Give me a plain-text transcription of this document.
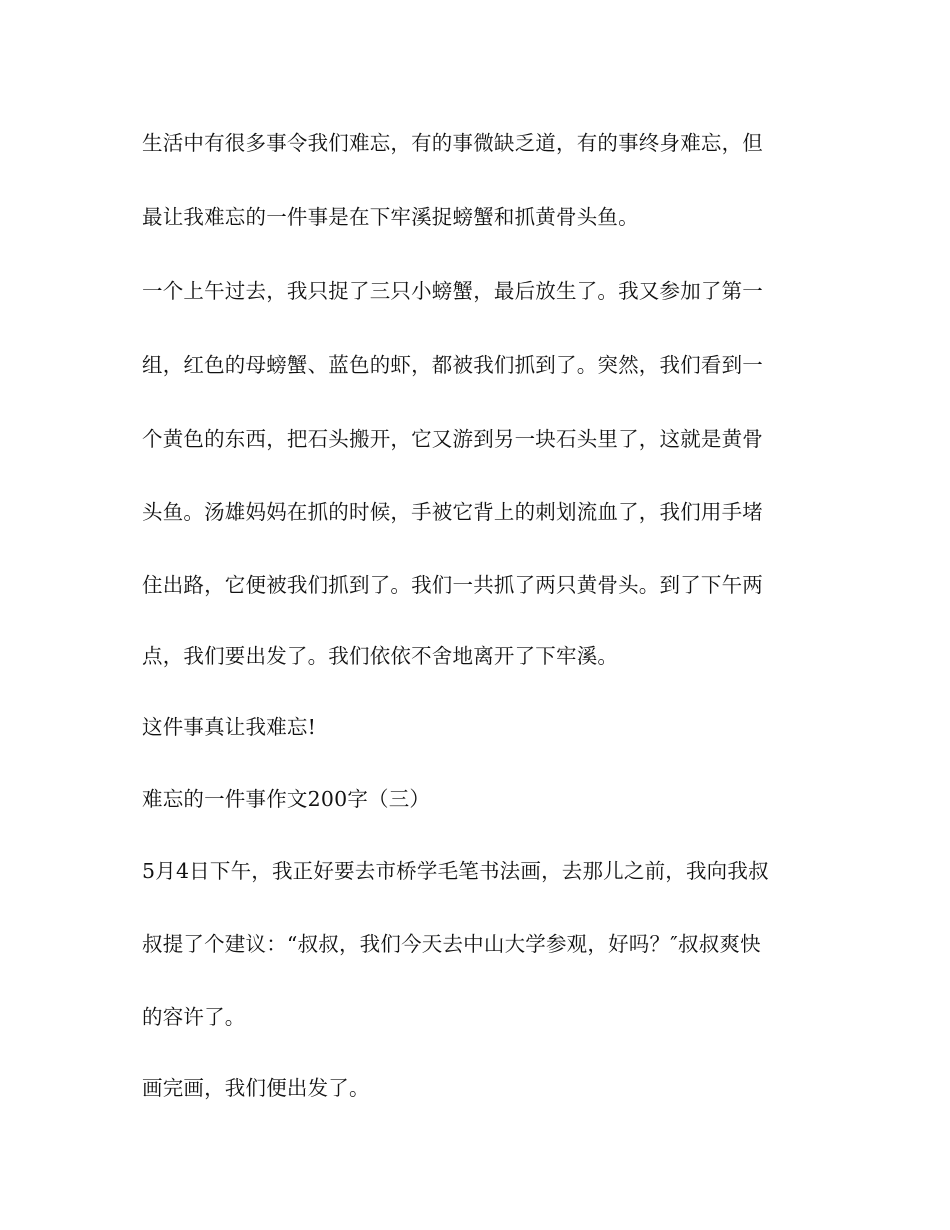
生活中有很多事令我们难忘，有的事微缺乏道，有的事终身难忘，但
最让我难忘的一件事是在下牢溪捉螃蟹和抓黄骨头鱼。
一个上午过去，我只捉了三只小螃蟹，最后放生了。我又参加了第一
组，红色的母螃蟹、蓝色的虾，都被我们抓到了。突然，我们看到一
个黄色的东西，把石头搬开，它又游到另一块石头里了，这就是黄骨
头鱼。汤雄妈妈在抓的时候，手被它背上的刺划流血了，我们用手堵
住出路，它便被我们抓到了。我们一共抓了两只黄骨头。到了下午两
点，我们要出发了。我们依依不舍地离开了下牢溪。
这件事真让我难忘!
难忘的一件事作文200字（三）
5月4日下午，我正好要去市桥学毛笔书法画，去那儿之前，我向我叔
叔提了个建议：“叔叔，我们今天去中山大学参观，好吗？″叔叔爽快
的容许了。
画完画，我们便出发了。
